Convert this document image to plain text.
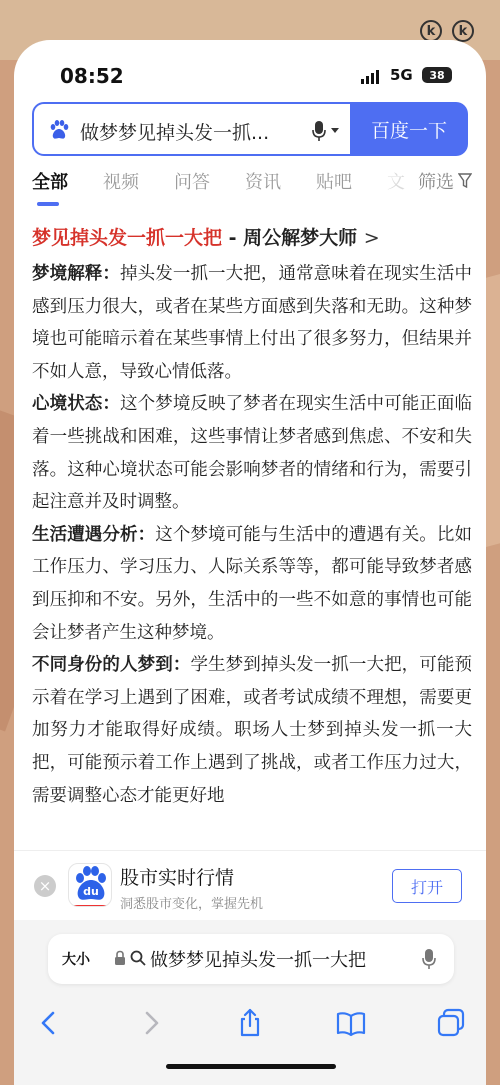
k	k
08:52	5G	38
做梦梦见掉头发一抓...	百度一下
全部 视频 问答 资讯 贴吧 文 筛选
梦见掉头发一抓一大把 - 周公解梦大师 >

梦境解释：掉头发一抓一大把，通常意味着在现实生活中感到压力很大，或者在某些方面感到失落和无助。这种梦境也可能暗示着在某些事情上付出了很多努力，但结果并不如人意，导致心情低落。

心境状态：这个梦境反映了梦者在现实生活中可能正面临着一些挑战和困难，这些事情让梦者感到焦虑、不安和失落。这种心境状态可能会影响梦者的情绪和行为，需要引起注意并及时调整。

生活遭遇分析：这个梦境可能与生活中的遭遇有关。比如工作压力、学习压力、人际关系等等，都可能导致梦者感到压抑和不安。另外，生活中的一些不如意的事情也可能会让梦者产生这种梦境。

不同身份的人梦到：学生梦到掉头发一抓一大把，可能预示着在学习上遇到了困难，或者考试成绩不理想，需要更加努力才能取得好成绩。职场人士梦到掉头发一抓一大把，可能预示着工作上遇到了挑战，或者工作压力过大，需要调整心态才能更好地

×	du
股市实时行情
洞悉股市变化，掌握先机
打开
大小	做梦梦见掉头发一抓一大把
